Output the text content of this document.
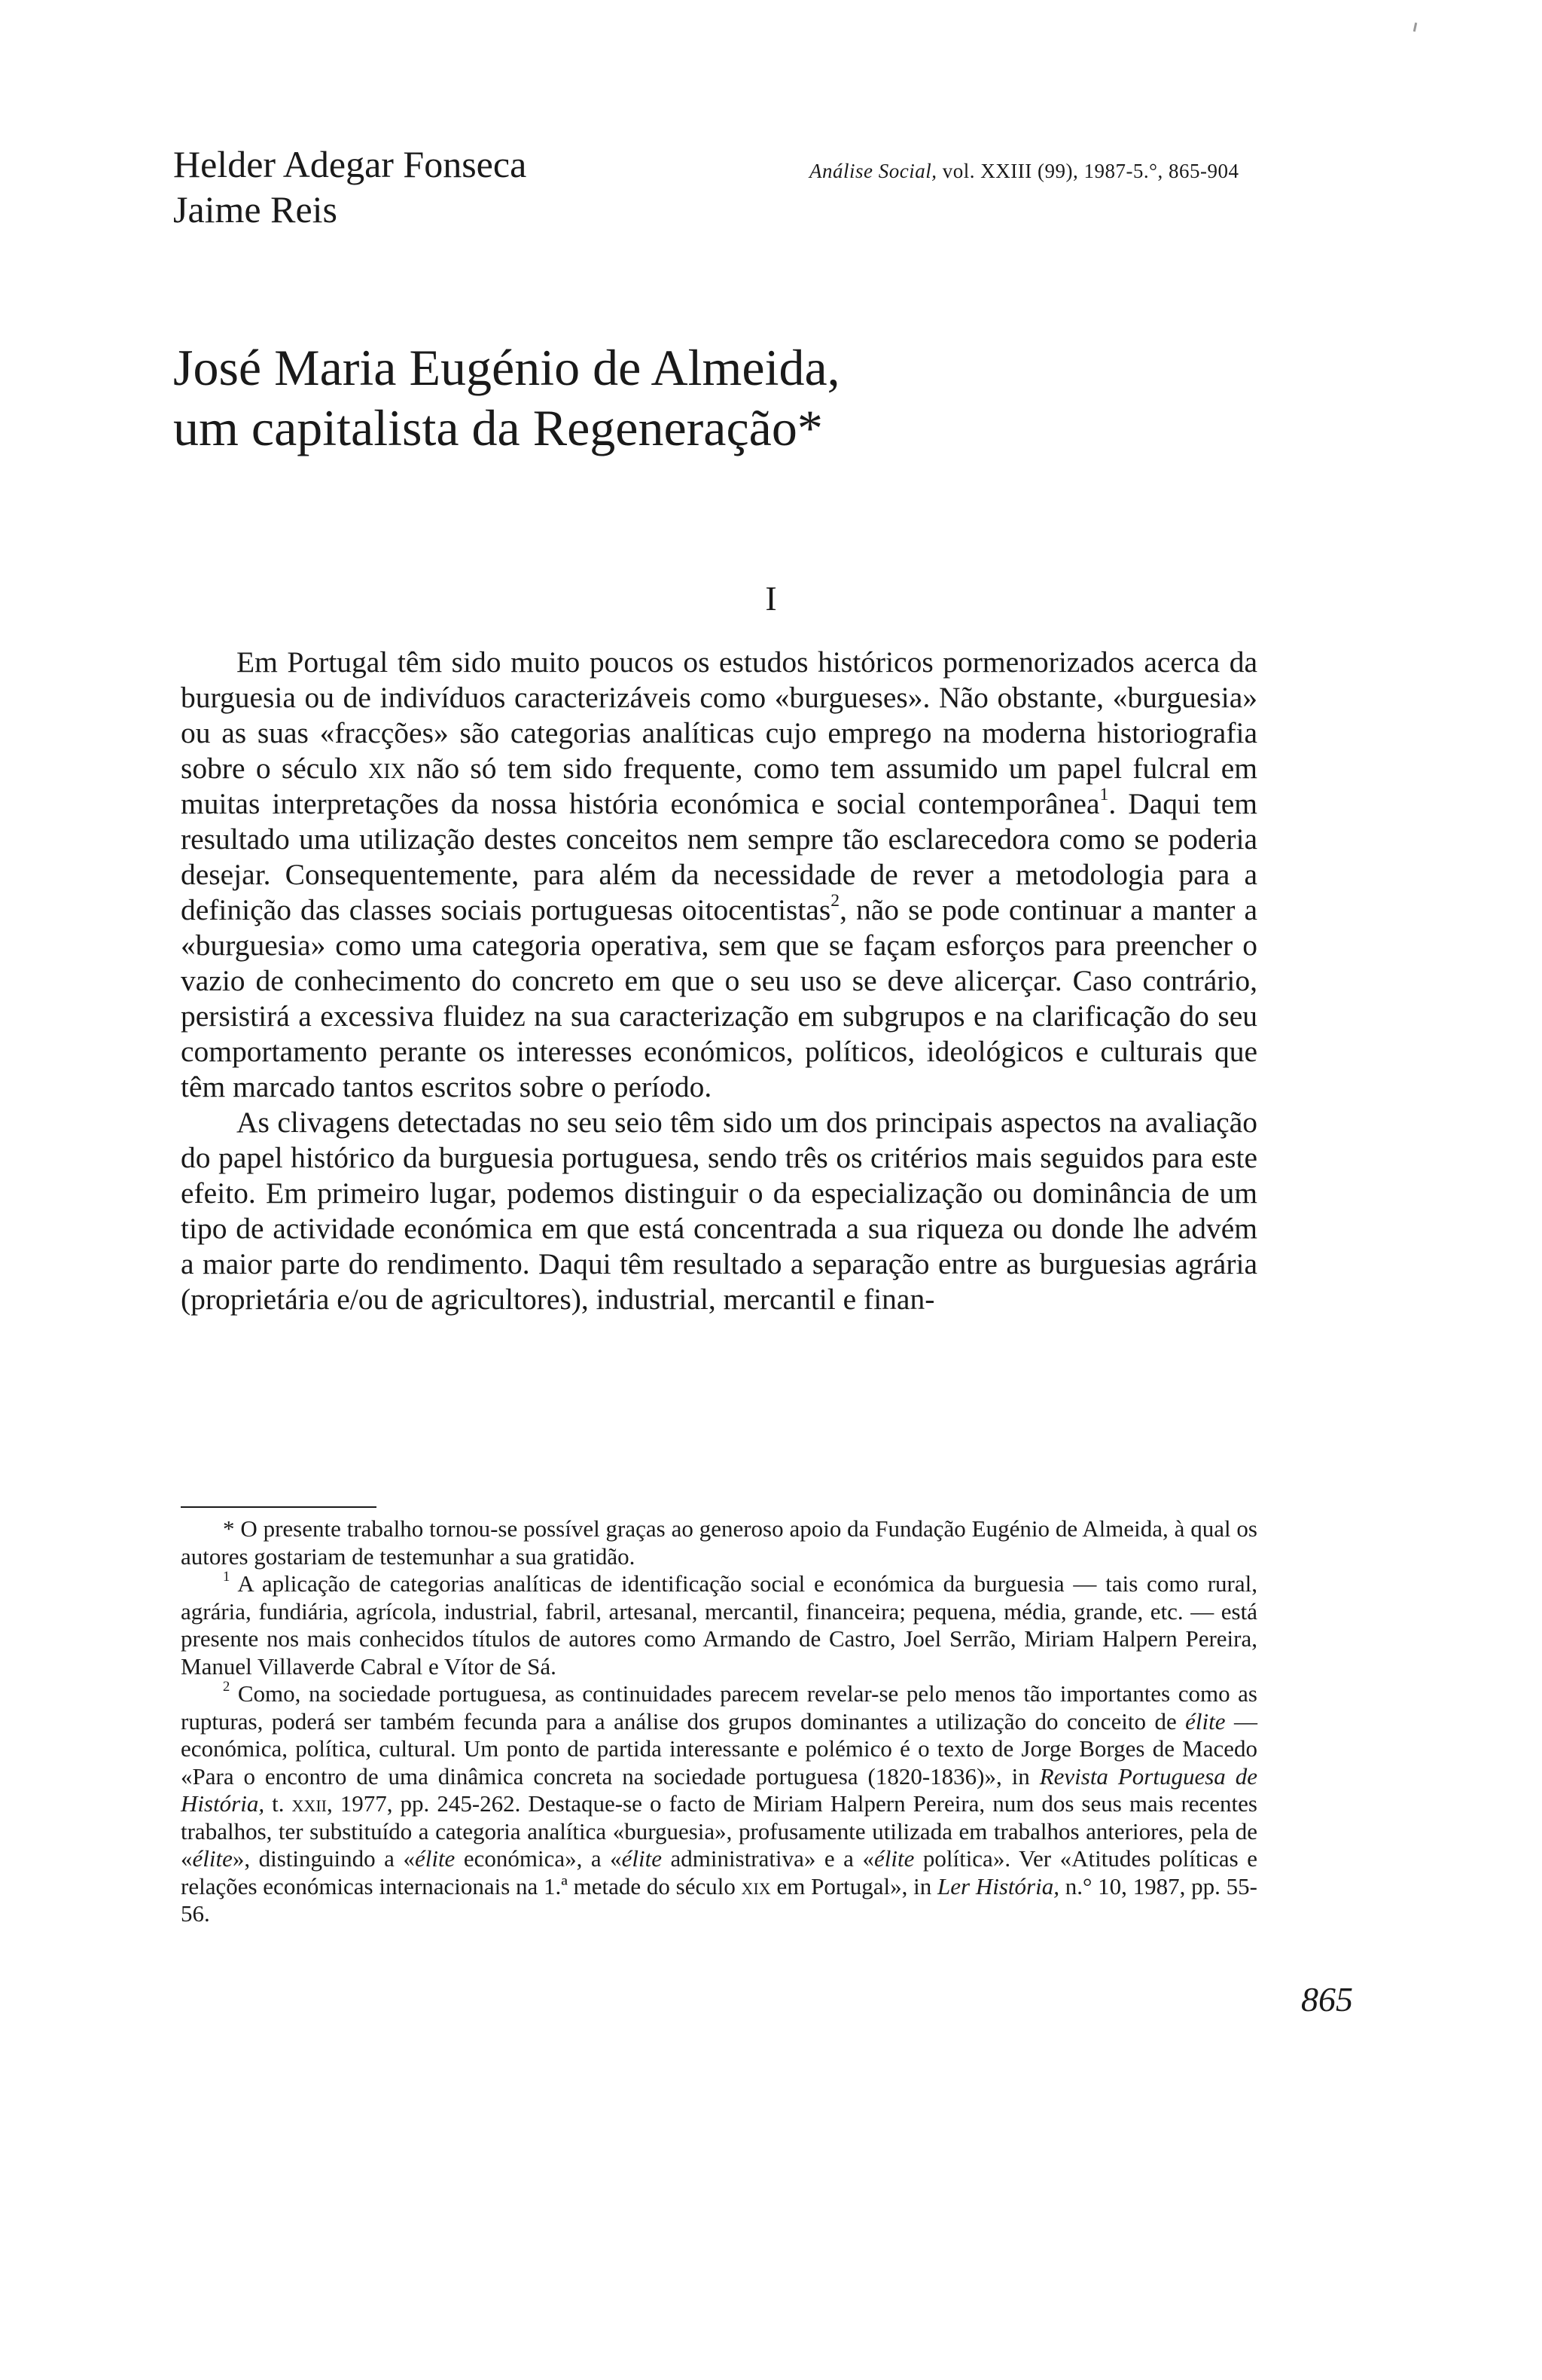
Helder Adegar Fonseca
Jaime Reis
Análise Social, vol. XXIII (99), 1987-5.°, 865-904
José Maria Eugénio de Almeida,
um capitalista da Regeneração*
I

Em Portugal têm sido muito poucos os estudos históricos pormenorizados acerca da burguesia ou de indivíduos caracterizáveis como «burgueses». Não obstante, «burguesia» ou as suas «fracções» são categorias analíticas cujo emprego na moderna historiografia sobre o século xix não só tem sido frequente, como tem assumido um papel fulcral em muitas interpretações da nossa história económica e social contemporânea$^1$. Daqui tem resultado uma utilização destes conceitos nem sempre tão esclarecedora como se poderia desejar. Consequentemente, para além da necessidade de rever a metodologia para a definição das classes sociais portuguesas oitocentistas$^2$, não se pode continuar a manter a «burguesia» como uma categoria operativa, sem que se façam esforços para preencher o vazio de conhecimento do concreto em que o seu uso se deve alicerçar. Caso contrário, persistirá a excessiva fluidez na sua caracterização em subgrupos e na clarificação do seu comportamento perante os interesses económicos, políticos, ideológicos e culturais que têm marcado tantos escritos sobre o período.

As clivagens detectadas no seu seio têm sido um dos principais aspectos na avaliação do papel histórico da burguesia portuguesa, sendo três os critérios mais seguidos para este efeito. Em primeiro lugar, podemos distinguir o da especialização ou dominância de um tipo de actividade económica em que está concentrada a sua riqueza ou donde lhe advém a maior parte do rendimento. Daqui têm resultado a separação entre as burguesias agrária (proprietária e/ou de agricultores), industrial, mercantil e finan-

* O presente trabalho tornou-se possível graças ao generoso apoio da Fundação Eugénio de Almeida, à qual os autores gostariam de testemunhar a sua gratidão.

$^1$ A aplicação de categorias analíticas de identificação social e económica da burguesia — tais como rural, agrária, fundiária, agrícola, industrial, fabril, artesanal, mercantil, financeira; pequena, média, grande, etc. — está presente nos mais conhecidos títulos de autores como Armando de Castro, Joel Serrão, Miriam Halpern Pereira, Manuel Villaverde Cabral e Vítor de Sá.

$^2$ Como, na sociedade portuguesa, as continuidades parecem revelar-se pelo menos tão importantes como as rupturas, poderá ser também fecunda para a análise dos grupos dominantes a utilização do conceito de élite — económica, política, cultural. Um ponto de partida interessante e polémico é o texto de Jorge Borges de Macedo «Para o encontro de uma dinâmica concreta na sociedade portuguesa (1820-1836)», in Revista Portuguesa de História, t. xxii, 1977, pp. 245-262. Destaque-se o facto de Miriam Halpern Pereira, num dos seus mais recentes trabalhos, ter substituído a categoria analítica «burguesia», profusamente utilizada em trabalhos anteriores, pela de «élite», distinguindo a «élite económica», a «élite administrativa» e a «élite política». Ver «Atitudes políticas e relações económicas internacionais na 1.ª metade do século xix em Portugal», in Ler História, n.° 10, 1987, pp. 55-56.

865
